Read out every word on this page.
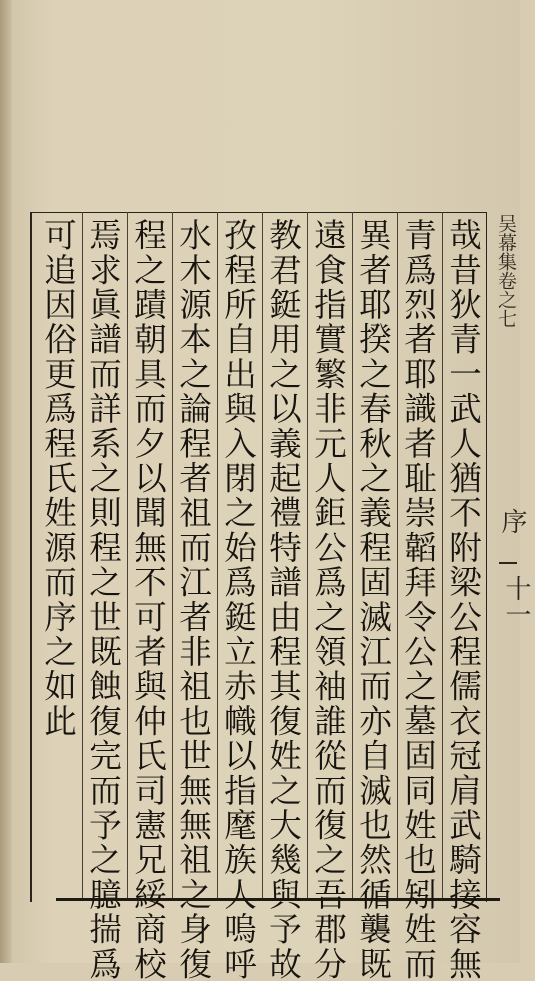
吴幕集卷之七
序
十一
哉昔狄青一武人猶不附梁公程儒衣冠肩武騎接容無
青爲烈者耶識者耻崇韜拜令公之墓固同姓也矧姓而
異者耶揆之春秋之義程固滅江而亦自滅也然循襲既
遠食指實繁非元人鉅公爲之領袖誰從而復之吾郡分
教君鋌用之以義起禮特譜由程其復姓之大幾與予故
孜程所自出與入閉之始爲鋌立赤幟以指麾族人嗚呼
水木源本之論程者祖而江者非祖也世無無祖之身復
程之蹟朝具而夕以聞無不可者與仲氏司憲兄綏商校
焉求眞譜而詳系之則程之世既蝕復完而予之臆揣爲
可追因俗更爲程氏姓源而序之如此
